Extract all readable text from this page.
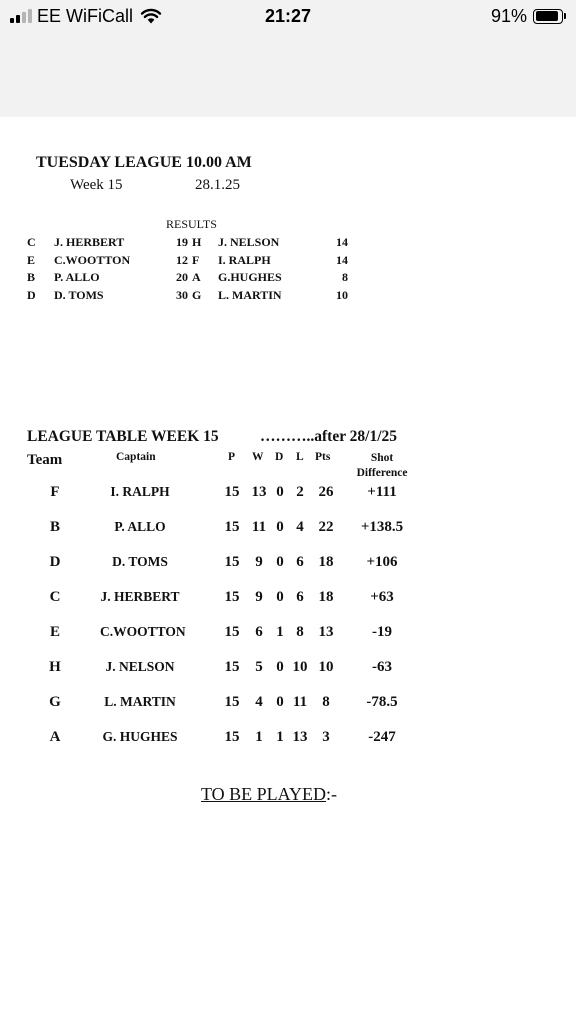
EE WiFiCall	21:27	91%
TUESDAY LEAGUE 10.00 AM
Week 15	28.1.25
RESULTS
C J. HERBERT	19 H J. NELSON	14
E C.WOOTTON	12 F I. RALPH	14
B P. ALLO	20 A G.HUGHES	8
D D. TOMS	30 G L. MARTIN	10
LEAGUE TABLE WEEK 15	………..after 28/1/25
Team	Captain	P W D L Pts	Shot
Difference
F	I. RALPH	15 13 0 2 26	+111
B	P. ALLO	15 11 0 4 22	+138.5
D	D. TOMS	15	9 0 6 18	+106
C	J. HERBERT	15	9 0 6 18	+63
E	C.WOOTTON	15	6 1 8 13	-19
H	J. NELSON	15	5 0 10 10	-63
G	L. MARTIN	15	4 0 11	8	-78.5
A	G. HUGHES	15	1 1 13 3	-247
TO BE PLAYED:-
